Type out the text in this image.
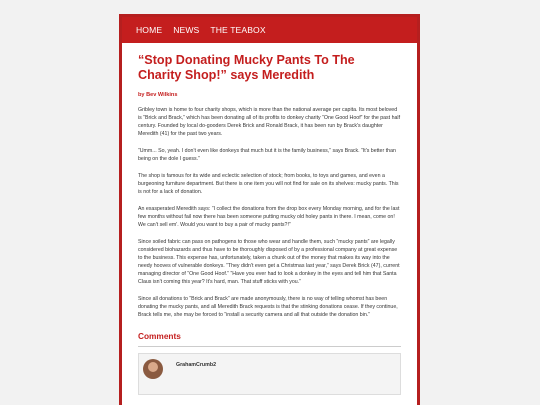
HOME NEWS THE TEABOX
“Stop Donating Mucky Pants To The Charity Shop!” says Meredith
by Bev Wilkins

Gribley town is home to four charity shops, which is more than the national average per capita. Its most beloved is “Brick and Brack,” which has been donating all of its profits to donkey charity “One Good Hoof” for the past half century. Founded by local do-gooders Derek Brick and Ronald Brack, it has been run by Brack's daughter Meredith (41) for the past two years.

“Umm... So, yeah. I don't even like donkeys that much but it is the family business,” says Brack. “It's better than being on the dole I guess.”

The shop is famous for its wide and eclectic selection of stock; from books, to toys and games, and even a burgeoning furniture department. But there is one item you will not find for sale on its shelves: mucky pants. This is not for a lack of donation.

An exasperated Meredith says: “I collect the donations from the drop box every Monday morning, and for the last few months without fail now there has been someone putting mucky old holey pants in there. I mean, come on! We can't sell em'. Would you want to buy a pair of mucky pants?!”

Since soiled fabric can pass on pathogens to those who wear and handle them, such “mucky pants” are legally considered biohazards and thus have to be thoroughly disposed of by a professional company at great expense to the business. This expense has, unfortunately, taken a chunk out of the money that makes its way into the needy hooves of vulnerable donkeys. “They didn't even get a Christmas last year,” says Derek Brick (47), current managing director of “One Good Hoof.” “Have you ever had to look a donkey in the eyes and tell him that Santa Claus isn't coming this year? It's hard, man. That stuff sticks with you.”

Since all donations to “Brick and Brack” are made anonymously, there is no way of telling whomst has been donating the mucky pants, and all Meredith Brack requests is that the stinking donations cease. If they continue, Brack tells me, she may be forced to “install a security camera and all that outside the donation bin.”

Comments
GrahamCrumb2
